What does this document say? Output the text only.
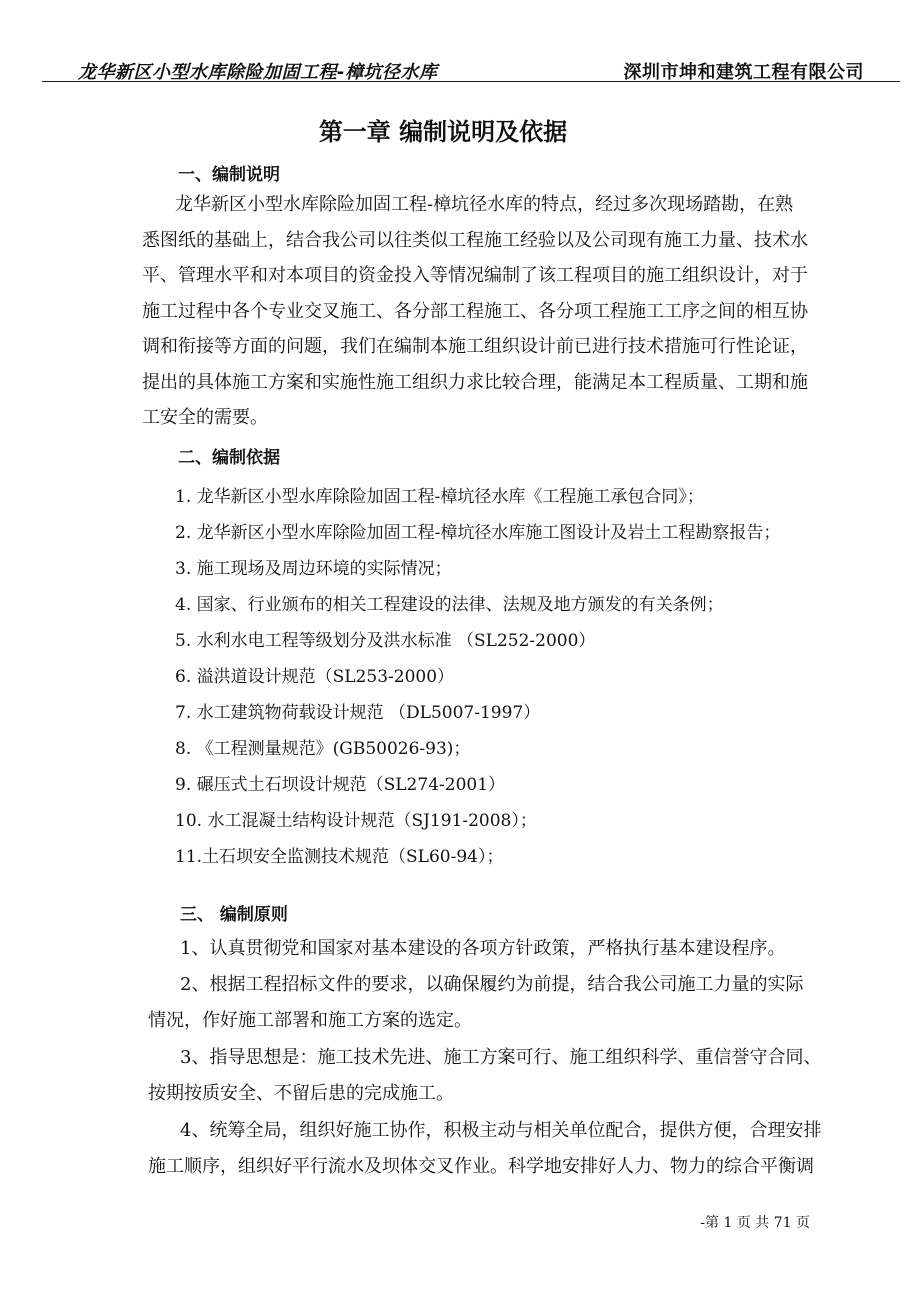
龙华新区小型水库除险加固工程-樟坑径水库	深圳市坤和建筑工程有限公司
第一章 编制说明及依据
一、编制说明
龙华新区小型水库除险加固工程-樟坑径水库的特点，经过多次现场踏勘，在熟
悉图纸的基础上，结合我公司以往类似工程施工经验以及公司现有施工力量、技术水
平、管理水平和对本项目的资金投入等情况编制了该工程项目的施工组织设计，对于
施工过程中各个专业交叉施工、各分部工程施工、各分项工程施工工序之间的相互协
调和衔接等方面的问题，我们在编制本施工组织设计前已进行技术措施可行性论证，
提出的具体施工方案和实施性施工组织力求比较合理，能满足本工程质量、工期和施
工安全的需要。
二、编制依据
1. 龙华新区小型水库除险加固工程-樟坑径水库《工程施工承包合同》；
2. 龙华新区小型水库除险加固工程-樟坑径水库施工图设计及岩土工程勘察报告；
3. 施工现场及周边环境的实际情况；
4. 国家、行业颁布的相关工程建设的法律、法规及地方颁发的有关条例；
5. 水利水电工程等级划分及洪水标准 （SL252-2000）
6. 溢洪道设计规范（SL253-2000）
7. 水工建筑物荷载设计规范 （DL5007-1997）
8. 《工程测量规范》(GB50026-93)；
9. 碾压式土石坝设计规范（SL274-2001）
10. 水工混凝土结构设计规范（SJ191-2008）；
11.土石坝安全监测技术规范（SL60-94）；
三、 编制原则
1、认真贯彻党和国家对基本建设的各项方针政策，严格执行基本建设程序。
2、根据工程招标文件的要求，以确保履约为前提，结合我公司施工力量的实际
情况，作好施工部署和施工方案的选定。
3、指导思想是：施工技术先进、施工方案可行、施工组织科学、重信誉守合同、
按期按质安全、不留后患的完成施工。
4、统筹全局，组织好施工协作，积极主动与相关单位配合，提供方便，合理安排
施工顺序，组织好平行流水及坝体交叉作业。科学地安排好人力、物力的综合平衡调
-第 1 页 共 71 页
